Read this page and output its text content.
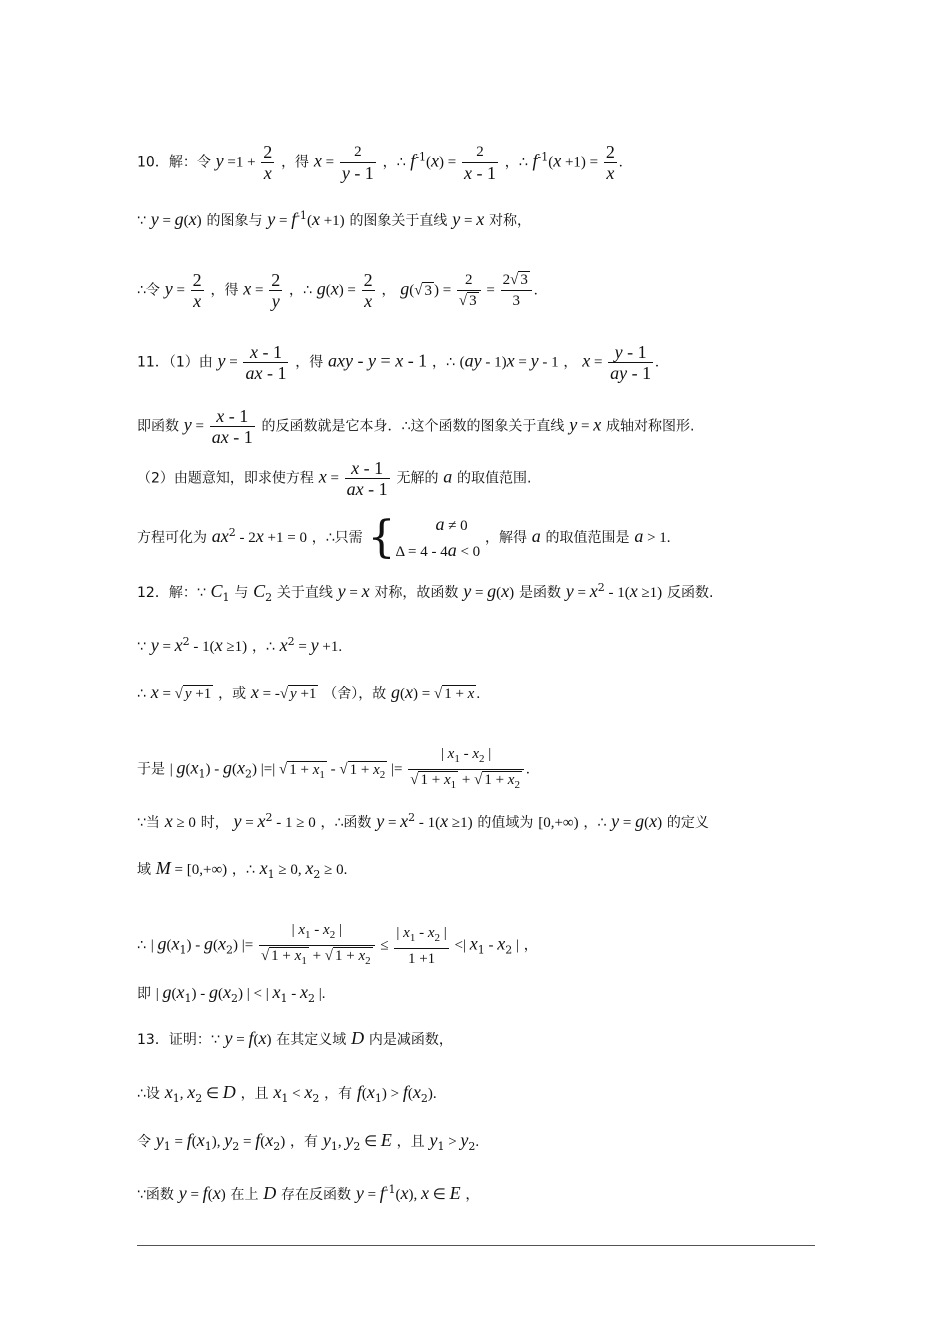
10．解：令 $y =1 + \frac{2}{x}$ ，得 $x = \frac{2}{y - 1}$ ，∴ $f^{-1}(x) = \frac{2}{x - 1}$ ，∴ $f^{-1}(x +1) = \frac{2}{x}$ .
∵ y = g(x) 的图象与 $y = f^{-1}(x +1)$ 的图象关于直线 y = x 对称，
∴令 $y = \frac{2}{x}$ ，得 $x = \frac{2}{y}$ ，∴ $g(x) = \frac{2}{x}$ ， g(√ 3 ) = $\frac{2}{√ 3} = \frac{2√ 3}{3}$ .
11．（1）由 $y = \frac{x - 1}{ax - 1}$ ，得 axy - y = x - 1 ，∴ (ay - 1)x = y - 1 ， $x = \frac{y - 1}{ay - 1}$ .
即函数 $y = \frac{x - 1}{ax - 1}$ 的反函数就是它本身．∴这个函数的图象关于直线 y = x 成轴对称图形.
（2）由题意知，即求使方程 $x = \frac{x - 1}{ax - 1}$ 无解的 a 的取值范围.
方程可化为 $ax^2 - 2x +1 = 0$ ，∴只需 {	a ≠ 0
Δ = 4 - 4a < 0
，解得 a 的取值范围是 a > 1.
12．解：∵ $C_1$ 与 $C_2$ 关于直线 y = x 对称，故函数 y = g(x) 是函数 $y = x^2 - 1(x \ge 1)$ 反函数.
∵ $y = x^2 - 1(x \ge 1)$ ，∴ $x^2 = y +1$.
∴ x = √ y +1 ，或 x = -√ y +1 （舍），故 g(x) = √ 1 + x .
于是 | $g(x_1) - g(x_2)$ |=| √ $1 + x_1$ - √ $1 + x_2$ |= $\frac{| x_1 - x_2 |}{√ 1 + x_1 + √ 1 + x_2}$ .
∵当 x ≥ 0 时， $y = x^2 - 1 \ge 0$ ，∴函数 $y = x^2 - 1(x \ge 1)$ 的值域为 [0,+∞) ，∴ y = g(x) 的定义
域 M = [0,+∞) ，∴ $x_1 \ge 0$, $x_2 \ge 0$.
∴ | $g(x_1) - g(x_2)$ |= $\frac{| x_1 - x_2 |}{√ 1 + x_1 + √ 1 + x_2} \le \frac{| x_1 - x_2 |}{1 +1}$ <| $x_1 - x_2$ | ，
即 | $g(x_1) - g(x_2)$ | < | $x_1 - x_2$ |.
13．证明：∵ y = f(x) 在其定义域 D 内是减函数，
∴设 $x_1$, $x_2$ ∈ D ，且 $x_1 < x_2$ ，有 $f(x_1) > f(x_2)$.
令 $y_1 = f(x_1)$, $y_2 = f(x_2)$ ，有 $y_1$, $y_2$ ∈ E ，且 $y_1 > y_2$.
∵函数 y = f(x) 在上 D 存在反函数 $y = f^{-1}(x)$, x ∈ E ，
